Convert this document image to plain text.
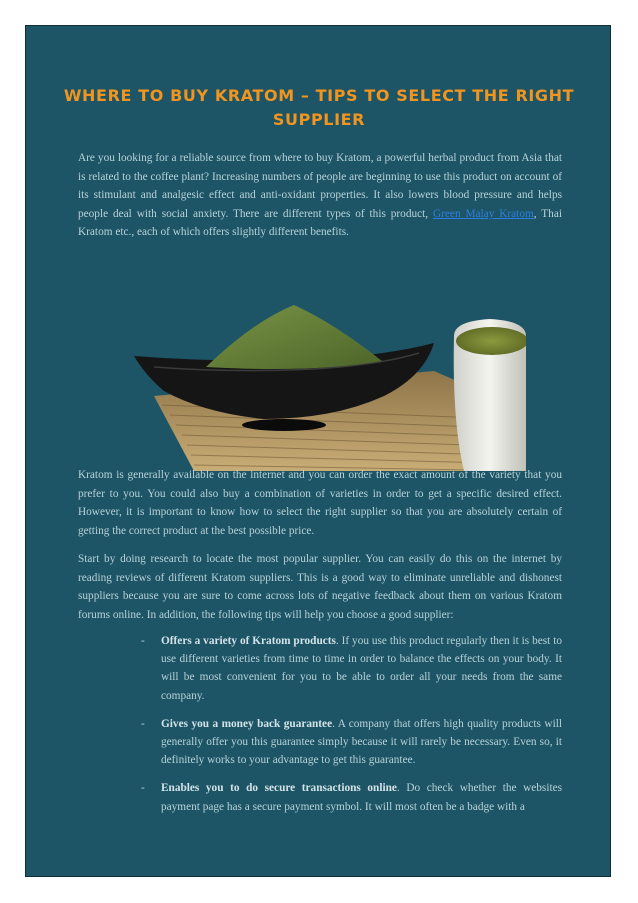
WHERE TO BUY KRATOM – TIPS TO SELECT THE RIGHT SUPPLIER

Are you looking for a reliable source from where to buy Kratom, a powerful herbal product from Asia that is related to the coffee plant? Increasing numbers of people are beginning to use this product on account of its stimulant and analgesic effect and anti-oxidant properties. It also lowers blood pressure and helps people deal with social anxiety. There are different types of this product, Green Malay Kratom, Thai Kratom etc., each of which offers slightly different benefits.

Kratom is generally available on the internet and you can order the exact amount of the variety that you prefer to you. You could also buy a combination of varieties in order to get a specific desired effect. However, it is important to know how to select the right supplier so that you are absolutely certain of getting the correct product at the best possible price.

Start by doing research to locate the most popular supplier. You can easily do this on the internet by reading reviews of different Kratom suppliers. This is a good way to eliminate unreliable and dishonest suppliers because you are sure to come across lots of negative feedback about them on various Kratom forums online. In addition, the following tips will help you choose a good supplier:

- Offers a variety of Kratom products. If you use this product regularly then it is best to use different varieties from time to time in order to balance the effects on your body. It will be most convenient for you to be able to order all your needs from the same company.
- Gives you a money back guarantee. A company that offers high quality products will generally offer you this guarantee simply because it will rarely be necessary. Even so, it definitely works to your advantage to get this guarantee.
- Enables you to do secure transactions online. Do check whether the websites payment page has a secure payment symbol. It will most often be a badge with a
